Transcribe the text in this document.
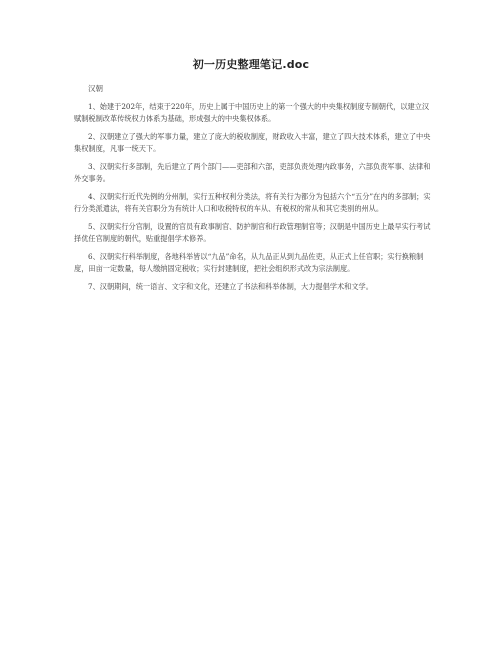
初一历史整理笔记.doc
汉朝

1、始建于202年，结束于220年，历史上属于中国历史上的第一个强大的中央集权制度专制朝代，以建立汉赋制税制改革传统权力体系为基础，形成强大的中央集权体系。

2、汉朝建立了强大的军事力量，建立了庞大的税收制度，财政收入丰富，建立了四大技术体系，建立了中央集权制度，凡事一统天下。

3、汉朝实行多部制，先后建立了两个部门——吏部和六部，吏部负责处理内政事务，六部负责军事、法律和外交事务。

4、汉朝实行近代先例的分州制，实行五种权利分类法，将有关行为都分为包括六个“五分”在内的多部制；实行分类派遣法，将有关官职分为有统计人口和收税特权的车从、有税权的常从和其它类别的州从。

5、汉朝实行分官制，设置的官员有政事制官、防护制官和行政管理制官等；汉朝是中国历史上最早实行考试择优任官制度的朝代，贴重提倡学术修养。

6、汉朝实行科举制度，各地科举皆以“九品”命名，从九品正从到九品佐吏，从正式上任官职；实行换粮制度，田亩一定数量，每人缴纳固定税收；实行封建制度，把社会组织形式改为宗法制度。

7、汉朝期间，统一语言、文字和文化，还建立了书法和科举体制，大力提倡学术和文学。
